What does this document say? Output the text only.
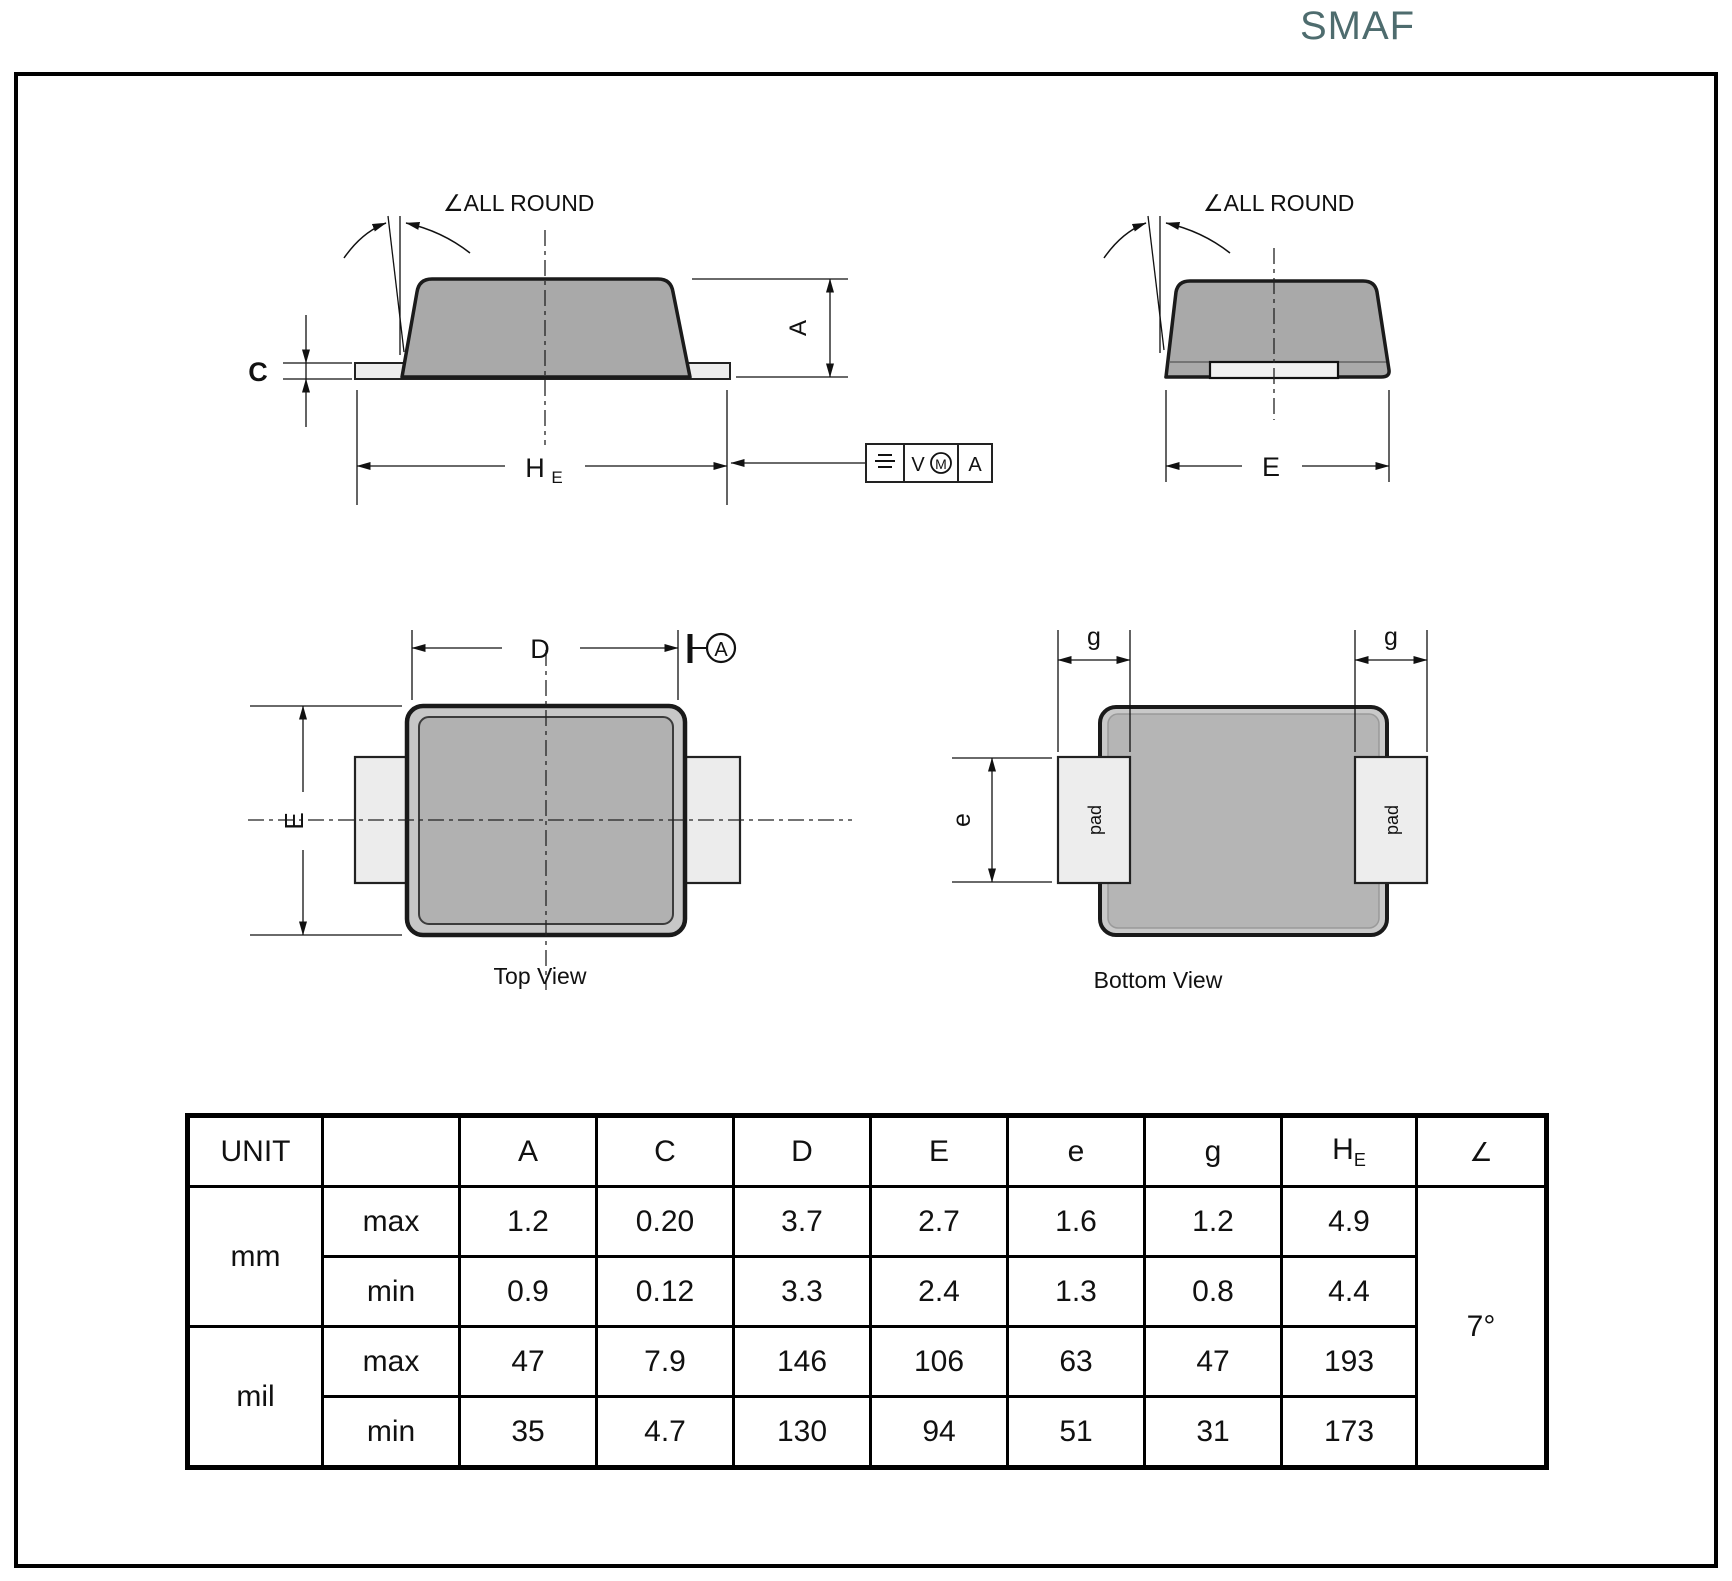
SMAF
∠ALL ROUND
C
A
H E
V M A
∠ALL ROUND
E
D	A
E
Top View
pad	pad
g	g
e
Bottom View
UNIT		A	C	D	E	e	g	$H_E$	∠
mm	max	1.2	0.20	3.7	2.7	1.6	1.2	4.9	7°
	min	0.9	0.12	3.3	2.4	1.3	0.8	4.4	
mil	max	47	7.9	146	106	63	47	193	
	min	35	4.7	130	94	51	31	173	
